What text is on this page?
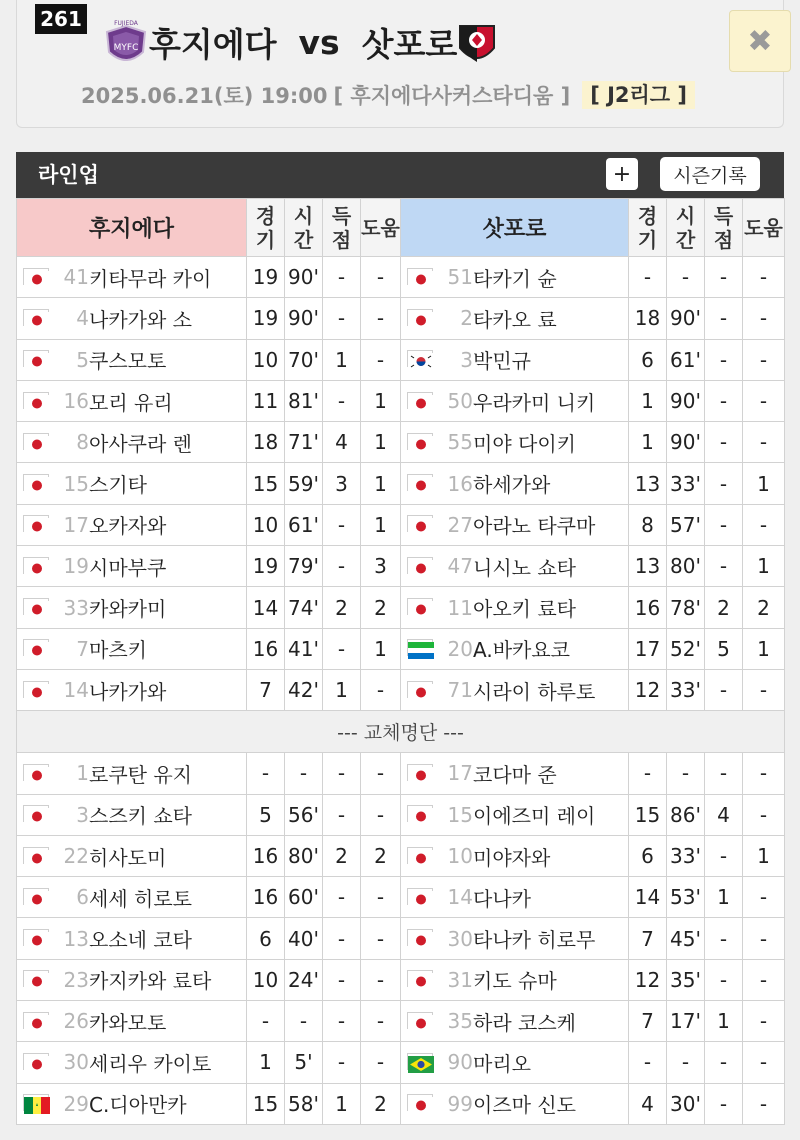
261
MYFC
FUJIEDA
후지에다 vs 삿포로	✖
2025.06.21(토) 19:00 [ 후지에다사커스타디움 ] [ J2리그 ]
라인업	+	시즌기록
후지에다	경기	시간	득점	도움	삿포로	경기	시간	득점	도움
41키타무라 카이	19	90'	-	-	51타카기 슌	-	-	-	-
4나카가와 소	19	90'	-	-	2타카오 료	18	90'	-	-
5쿠스모토	10	70'	1	-	3박민규	6	61'	-	-
16모리 유리	11	81'	-	1	50우라카미 니키	1	90'	-	-
8아사쿠라 렌	18	71'	4	1	55미야 다이키	1	90'	-	-
15스기타	15	59'	3	1	16하세가와	13	33'	-	1
17오카자와	10	61'	-	1	27아라노 타쿠마	8	57'	-	-
19시마부쿠	19	79'	-	3	47니시노 쇼타	13	80'	-	1
33카와카미	14	74'	2	2	11아오키 료타	16	78'	2	2
7마츠키	16	41'	-	1	20A.바카요코	17	52'	5	1
14나카가와	7	42'	1	-	71시라이 하루토	12	33'	-	-
--- 교체명단 ---									
1로쿠탄 유지	-	-	-	-	17코다마 준	-	-	-	-
3스즈키 쇼타	5	56'	-	-	15이에즈미 레이	15	86'	4	-
22히사도미	16	80'	2	2	10미야자와	6	33'	-	1
6세세 히로토	16	60'	-	-	14다나카	14	53'	1	-
13오소네 코타	6	40'	-	-	30타나카 히로무	7	45'	-	-
23카지카와 료타	10	24'	-	-	31키도 슈마	12	35'	-	-
26카와모토	-	-	-	-	35하라 코스케	7	17'	1	-
30세리우 카이토	1	5'	-	-	90마리오	-	-	-	-
29C.디아만카	15	58'	1	2	99이즈마 신도	4	30'	-	-
